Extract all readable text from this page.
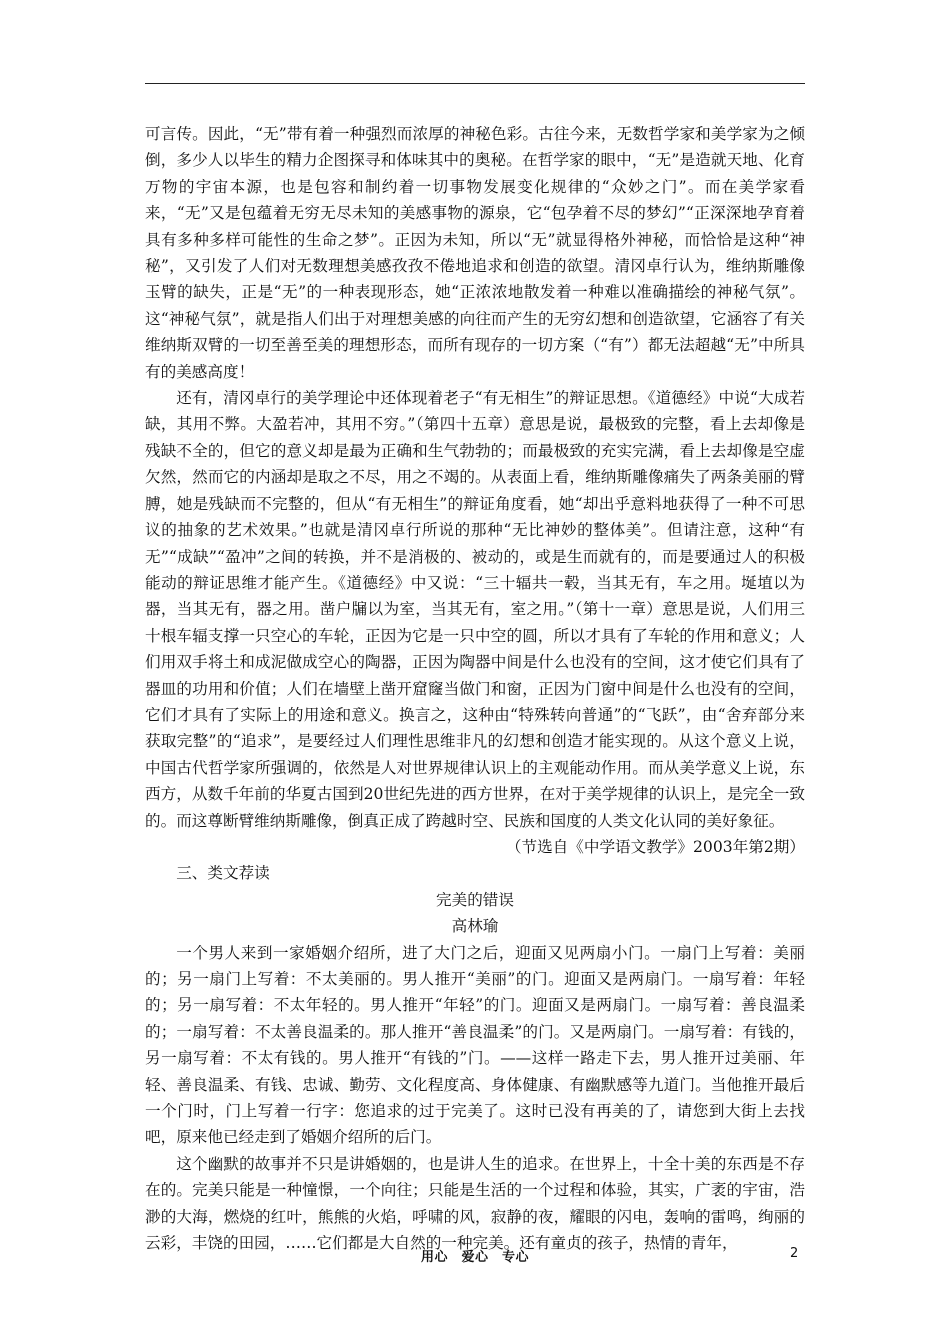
可言传。因此，“无”带有着一种强烈而浓厚的神秘色彩。古往今来，无数哲学家和美学家为之倾倒，多少人以毕生的精力企图探寻和体味其中的奥秘。在哲学家的眼中，“无”是造就天地、化育万物的宇宙本源，也是包容和制约着一切事物发展变化规律的“众妙之门”。而在美学家看来，“无”又是包蕴着无穷无尽未知的美感事物的源泉，它“包孕着不尽的梦幻”“正深深地孕育着具有多种多样可能性的生命之梦”。正因为未知，所以“无”就显得格外神秘，而恰恰是这种“神秘”，又引发了人们对无数理想美感孜孜不倦地追求和创造的欲望。清冈卓行认为，维纳斯雕像玉臂的缺失，正是“无”的一种表现形态，她“正浓浓地散发着一种难以准确描绘的神秘气氛”。这“神秘气氛”，就是指人们出于对理想美感的向往而产生的无穷幻想和创造欲望，它涵容了有关维纳斯双臂的一切至善至美的理想形态，而所有现存的一切方案（“有”）都无法超越“无”中所具有的美感高度！

还有，清冈卓行的美学理论中还体现着老子“有无相生”的辩证思想。《道德经》中说“大成若缺，其用不弊。大盈若冲，其用不穷。”（第四十五章）意思是说，最极致的完整，看上去却像是残缺不全的，但它的意义却是最为正确和生气勃勃的；而最极致的充实完满，看上去却像是空虚欠然，然而它的内涵却是取之不尽，用之不竭的。从表面上看，维纳斯雕像痛失了两条美丽的臂膊，她是残缺而不完整的，但从“有无相生”的辩证角度看，她“却出乎意料地获得了一种不可思议的抽象的艺术效果。”也就是清冈卓行所说的那种“无比神妙的整体美”。但请注意，这种“有无”“成缺”“盈冲”之间的转换，并不是消极的、被动的，或是生而就有的，而是要通过人的积极能动的辩证思维才能产生。《道德经》中又说：“三十辐共一毂，当其无有，车之用。埏埴以为器，当其无有，器之用。凿户牖以为室，当其无有，室之用。”（第十一章）意思是说，人们用三十根车辐支撑一只空心的车轮，正因为它是一只中空的圆，所以才具有了车轮的作用和意义；人们用双手将土和成泥做成空心的陶器，正因为陶器中间是什么也没有的空间，这才使它们具有了器皿的功用和价值；人们在墙壁上凿开窟窿当做门和窗，正因为门窗中间是什么也没有的空间，它们才具有了实际上的用途和意义。换言之，这种由“特殊转向普通”的“飞跃”，由“舍弃部分来获取完整”的“追求”，是要经过人们理性思维非凡的幻想和创造才能实现的。从这个意义上说，中国古代哲学家所强调的，依然是人对世界规律认识上的主观能动作用。而从美学意义上说，东西方，从数千年前的华夏古国到20世纪先进的西方世界，在对于美学规律的认识上，是完全一致的。而这尊断臂维纳斯雕像，倒真正成了跨越时空、民族和国度的人类文化认同的美好象征。

（节选自《中学语文教学》2003年第2期）

三、类文荐读

完美的错误

高林瑜

一个男人来到一家婚姻介绍所，进了大门之后，迎面又见两扇小门。一扇门上写着：美丽的；另一扇门上写着：不太美丽的。男人推开“美丽”的门。迎面又是两扇门。一扇写着：年轻的；另一扇写着：不太年轻的。男人推开“年轻”的门。迎面又是两扇门。一扇写着：善良温柔的；一扇写着：不太善良温柔的。那人推开“善良温柔”的门。又是两扇门。一扇写着：有钱的，另一扇写着：不太有钱的。男人推开“有钱的”门。——这样一路走下去，男人推开过美丽、年轻、善良温柔、有钱、忠诚、勤劳、文化程度高、身体健康、有幽默感等九道门。当他推开最后一个门时，门上写着一行字：您追求的过于完美了。这时已没有再美的了，请您到大街上去找吧，原来他已经走到了婚姻介绍所的后门。

这个幽默的故事并不只是讲婚姻的，也是讲人生的追求。在世界上，十全十美的东西是不存在的。完美只能是一种憧憬，一个向往；只能是生活的一个过程和体验，其实，广袤的宇宙，浩渺的大海，燃烧的红叶，熊熊的火焰，呼啸的风，寂静的夜，耀眼的闪电，轰响的雷鸣，绚丽的云彩，丰饶的田园，……它们都是大自然的一种完美。还有童贞的孩子，热情的青年，

用心　爱心　专心	2
